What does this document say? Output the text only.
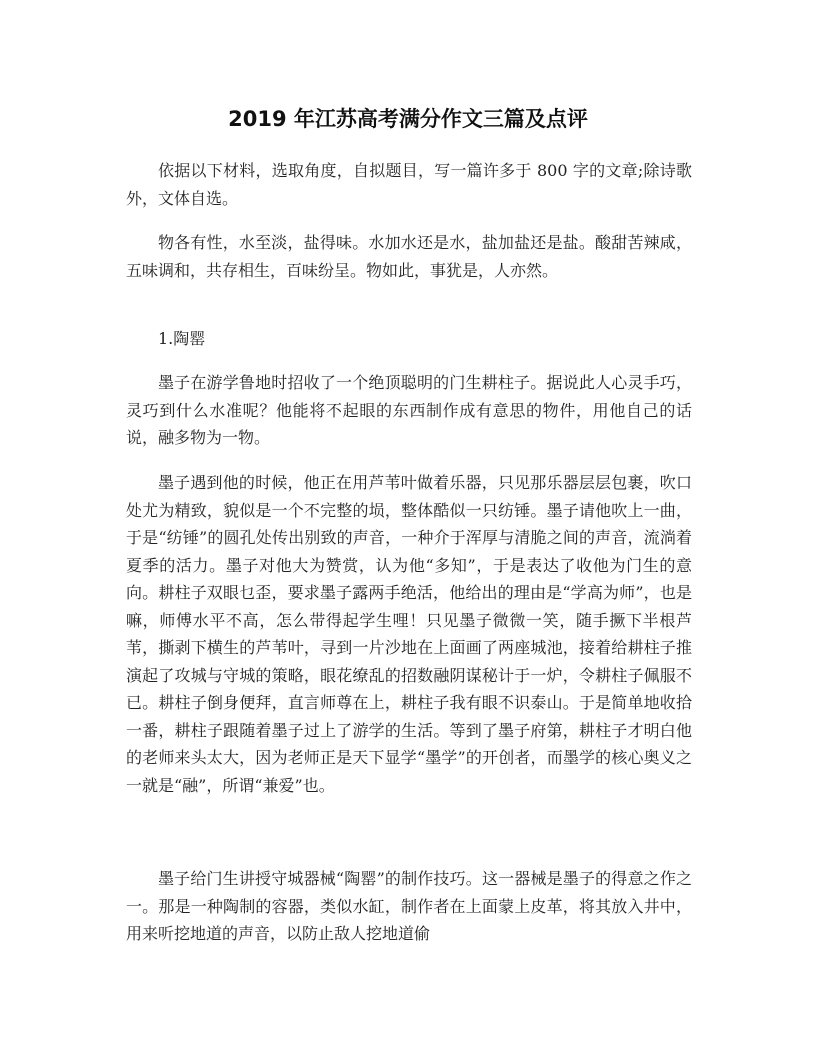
2019 年江苏高考满分作文三篇及点评

依据以下材料，选取角度，自拟题目，写一篇许多于 800 字的文章;除诗歌外，文体自选。

物各有性，水至淡，盐得味。水加水还是水，盐加盐还是盐。酸甜苦辣咸，五味调和，共存相生，百味纷呈。物如此，事犹是，人亦然。

1.陶罂

墨子在游学鲁地时招收了一个绝顶聪明的门生耕柱子。据说此人心灵手巧，灵巧到什么水准呢？他能将不起眼的东西制作成有意思的物件，用他自己的话说，融多物为一物。

墨子遇到他的时候，他正在用芦苇叶做着乐器，只见那乐器层层包裹，吹口处尤为精致，貌似是一个不完整的埙，整体酷似一只纺锤。墨子请他吹上一曲，于是“纺锤”的圆孔处传出别致的声音，一种介于浑厚与清脆之间的声音，流淌着夏季的活力。墨子对他大为赞赏，认为他“多知”，于是表达了收他为门生的意向。耕柱子双眼乜歪，要求墨子露两手绝活，他给出的理由是“学高为师”，也是嘛，师傅水平不高，怎么带得起学生哩！只见墨子微微一笑，随手撅下半根芦苇，撕剥下横生的芦苇叶，寻到一片沙地在上面画了两座城池，接着给耕柱子推演起了攻城与守城的策略，眼花缭乱的招数融阴谋秘计于一炉，令耕柱子佩服不已。耕柱子倒身便拜，直言师尊在上，耕柱子我有眼不识泰山。于是简单地收拾一番，耕柱子跟随着墨子过上了游学的生活。等到了墨子府第，耕柱子才明白他的老师来头太大，因为老师正是天下显学“墨学”的开创者，而墨学的核心奥义之一就是“融”，所谓“兼爱”也。

墨子给门生讲授守城器械“陶罂”的制作技巧。这一器械是墨子的得意之作之一。那是一种陶制的容器，类似水缸，制作者在上面蒙上皮革，将其放入井中，用来听挖地道的声音，以防止敌人挖地道偷
